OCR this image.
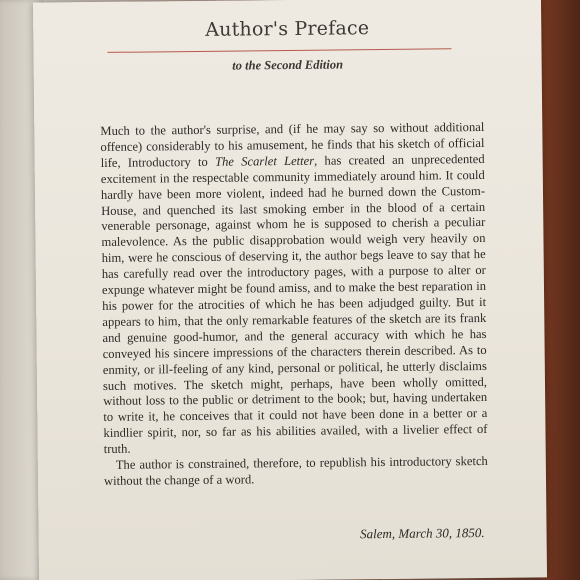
Author's Preface
to the Second Edition

Much to the author's surprise, and (if he may say so without additional offence) considerably to his amusement, he finds that his sketch of official life, Introductory to The Scarlet Letter, has created an unprecedented excitement in the respectable community immediately around him. It could hardly have been more violent, indeed had he burned down the Custom-House, and quenched its last smoking ember in the blood of a certain venerable personage, against whom he is supposed to cherish a peculiar malevolence. As the public disapprobation would weigh very heavily on him, were he conscious of deserving it, the author begs leave to say that he has carefully read over the introductory pages, with a purpose to alter or expunge whatever might be found amiss, and to make the best reparation in his power for the atrocities of which he has been adjudged guilty. But it appears to him, that the only remarkable features of the sketch are its frank and genuine good-humor, and the general accuracy with which he has conveyed his sincere impressions of the characters therein described. As to enmity, or ill-feeling of any kind, personal or political, he utterly disclaims such motives. The sketch might, perhaps, have been wholly omitted, without loss to the public or detriment to the book; but, having undertaken to write it, he conceives that it could not have been done in a better or a kindlier spirit, nor, so far as his abilities availed, with a livelier effect of truth.

The author is constrained, therefore, to republish his introductory sketch without the change of a word.

Salem, March 30, 1850.
